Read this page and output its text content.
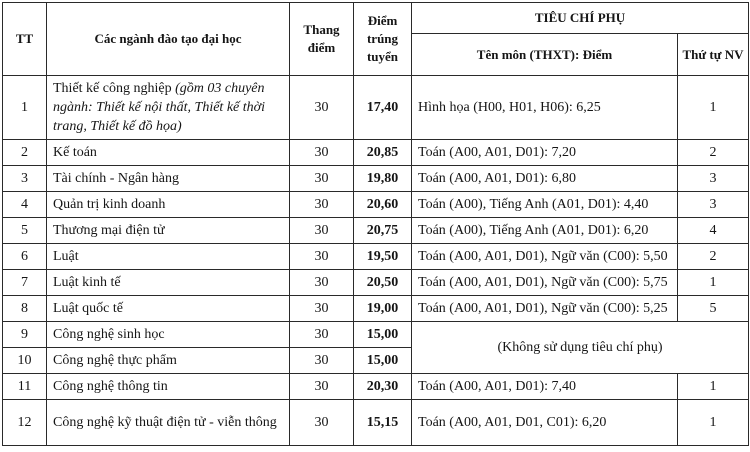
TT	Các ngành đào tạo đại học	Thang điểm	Điểm trúng tuyển	TIÊU CHÍ PHỤ	
				Tên môn (THXT): Điểm	Thứ tự NV
1	Thiết kế công nghiệp (gồm 03 chuyên ngành: Thiết kế nội thất, Thiết kế thời trang, Thiết kế đồ họa)	30	17,40	Hình họa (H00, H01, H06): 6,25	1
2	Kế toán	30	20,85	Toán (A00, A01, D01): 7,20	2
3	Tài chính - Ngân hàng	30	19,80	Toán (A00, A01, D01): 6,80	3
4	Quản trị kinh doanh	30	20,60	Toán (A00), Tiếng Anh (A01, D01): 4,40	3
5	Thương mại điện tử	30	20,75	Toán (A00), Tiếng Anh (A01, D01): 6,20	4
6	Luật	30	19,50	Toán (A00, A01, D01), Ngữ văn (C00): 5,50	2
7	Luật kinh tế	30	20,50	Toán (A00, A01, D01), Ngữ văn (C00): 5,75	1
8	Luật quốc tế	30	19,00	Toán (A00, A01, D01), Ngữ văn (C00): 5,25	5
9	Công nghệ sinh học	30	15,00	(Không sử dụng tiêu chí phụ)	
10	Công nghệ thực phẩm	30	15,00		
11	Công nghệ thông tin	30	20,30	Toán (A00, A01, D01): 7,40	1
12	Công nghệ kỹ thuật điện tử - viễn thông	30	15,15	Toán (A00, A01, D01, C01): 6,20	1
